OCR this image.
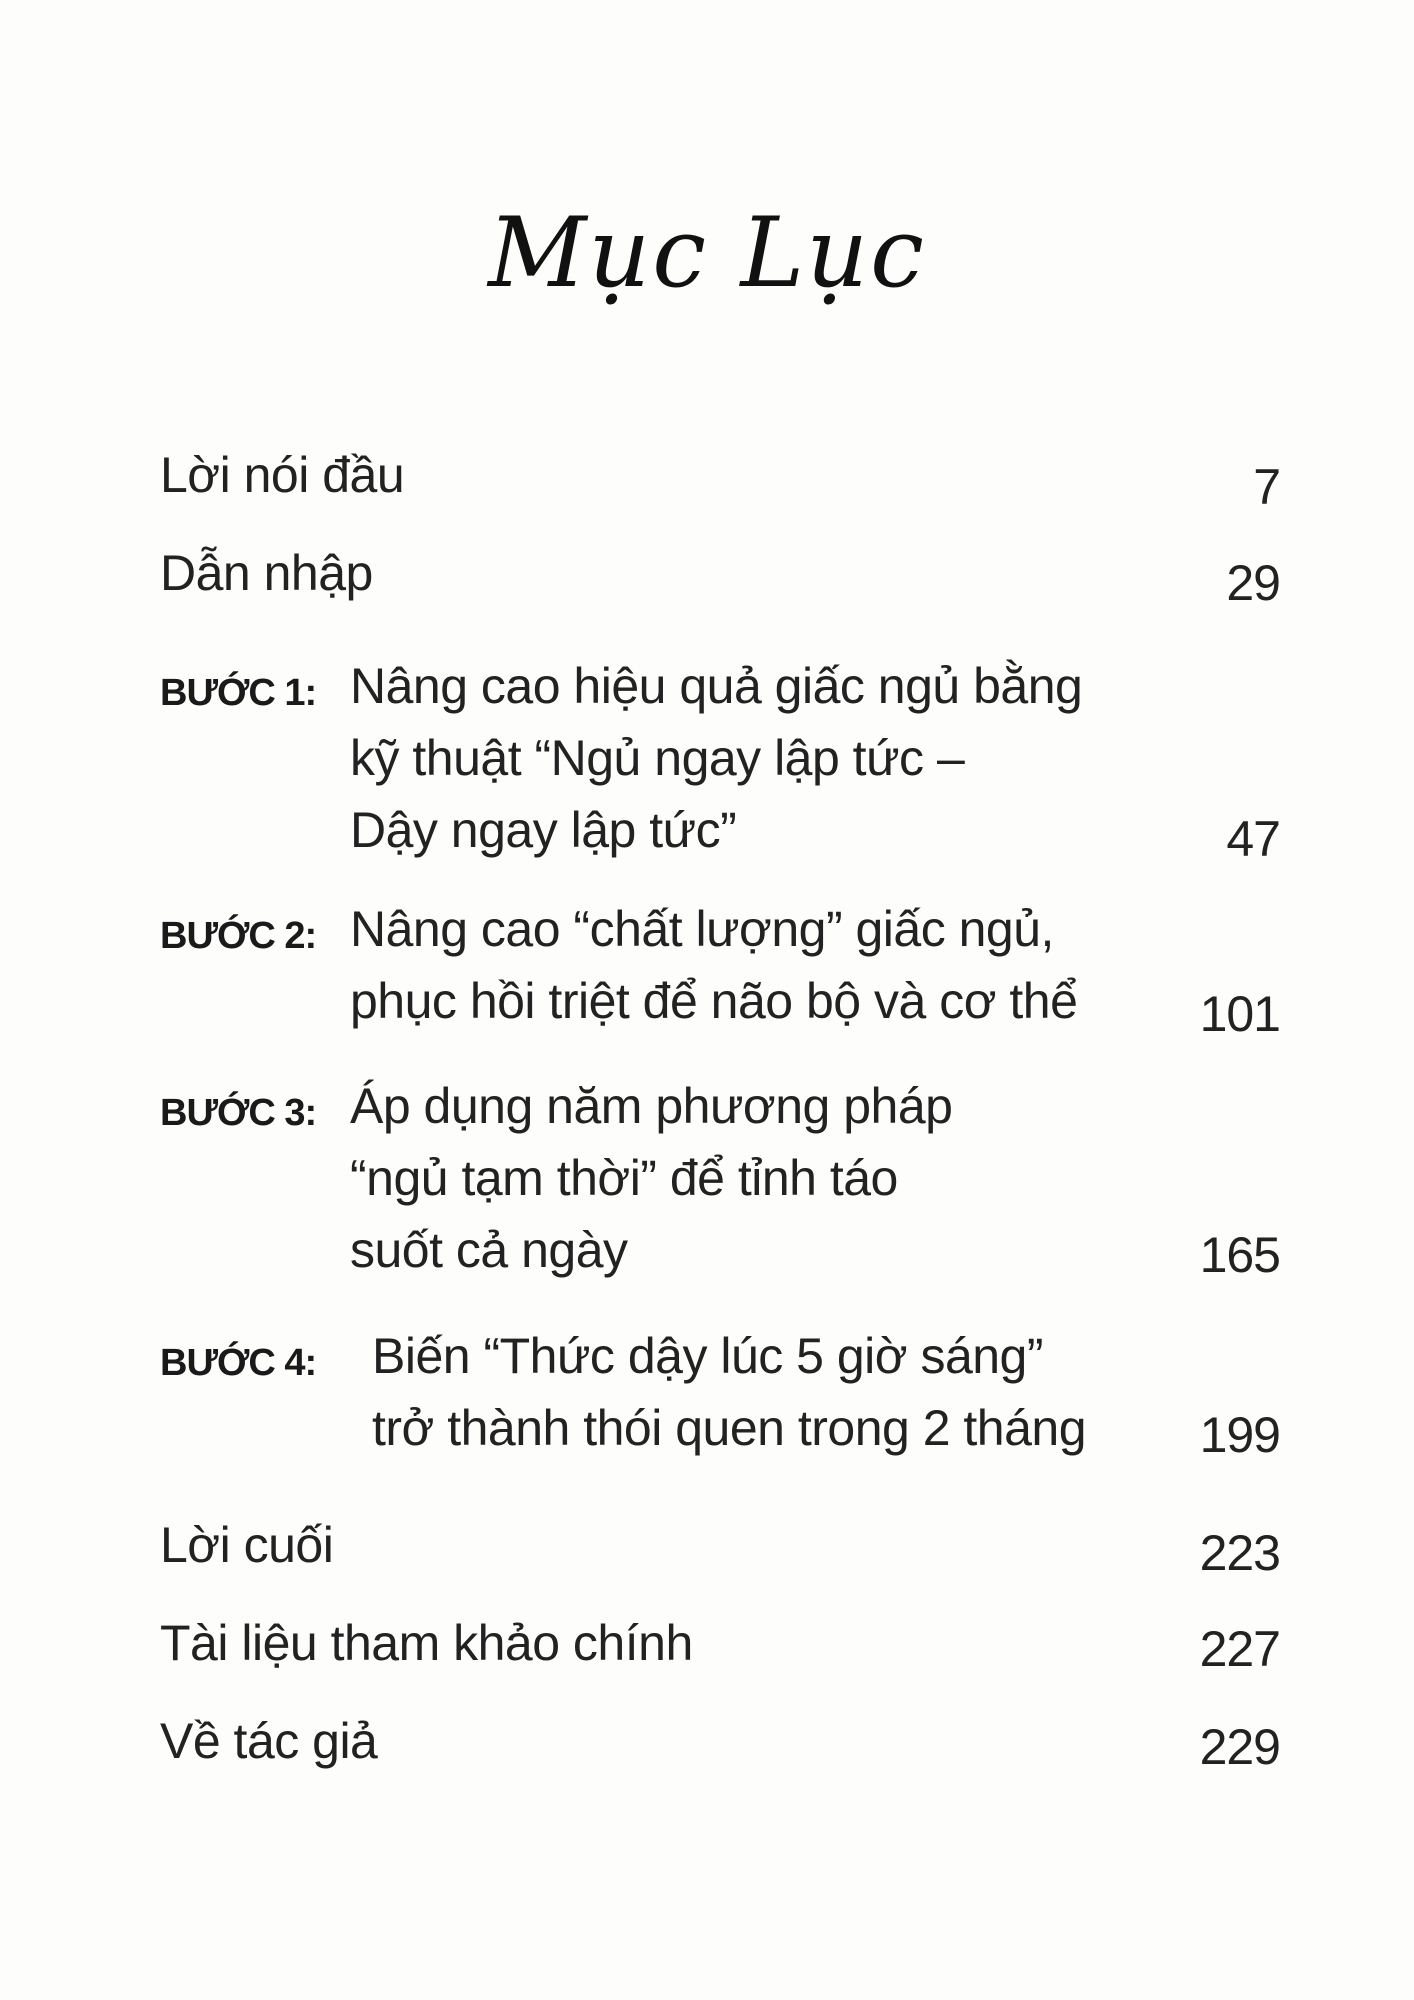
Mục Lục
Lời nói đầu	7
Dẫn nhập	29
BƯỚC 1: Nâng cao hiệu quả giấc ngủ bằng
kỹ thuật “Ngủ ngay lập tức –
Dậy ngay lập tức”	47
BƯỚC 2: Nâng cao “chất lượng” giấc ngủ,
phục hồi triệt để não bộ và cơ thể 101
BƯỚC 3: Áp dụng năm phương pháp
“ngủ tạm thời” để tỉnh táo
suốt cả ngày	165
BƯỚC 4: Biến “Thức dậy lúc 5 giờ sáng”
trở thành thói quen trong 2 tháng 199
Lời cuối	223
Tài liệu tham khảo chính	227
Về tác giả	229
